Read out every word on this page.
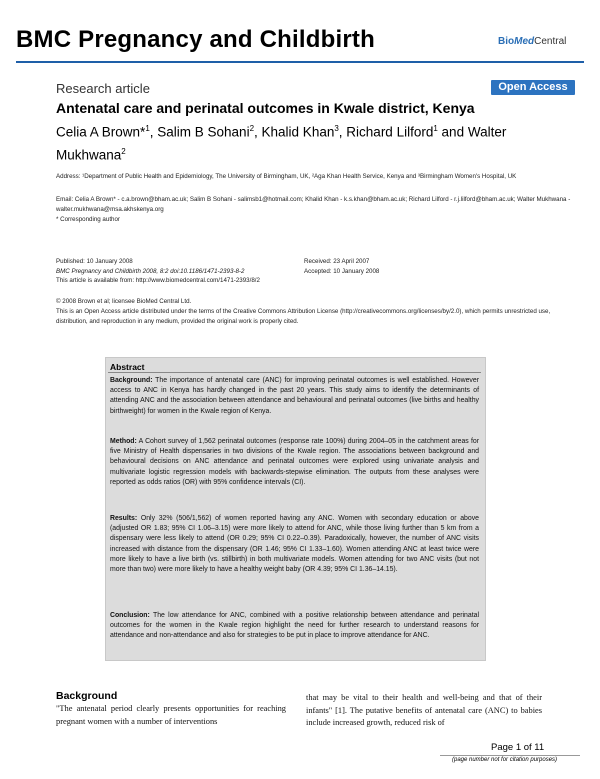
BMC Pregnancy and Childbirth	BioMedCentral
Research article	Open Access
Antenatal care and perinatal outcomes in Kwale district, Kenya
Celia A Brown*$^1$, Salim B Sohani$^2$, Khalid Khan$^3$, Richard Lilford$^1$ and Walter Mukhwana$^2$
Address: ¹Department of Public Health and Epidemiology, The University of Birmingham, UK, ²Aga Khan Health Service, Kenya and ³Birmingham Women's Hospital, UK
Email: Celia A Brown* - c.a.brown@bham.ac.uk; Salim B Sohani - salimsb1@hotmail.com; Khalid Khan - k.s.khan@bham.ac.uk; Richard Lilford - r.j.lilford@bham.ac.uk; Walter Mukhwana - walter.mukhwana@msa.akhskenya.org
* Corresponding author
Published: 10 January 2008
BMC Pregnancy and Childbirth 2008, 8:2 doi:10.1186/1471-2393-8-2
Received: 23 April 2007
Accepted: 10 January 2008
This article is available from: http://www.biomedcentral.com/1471-2393/8/2
© 2008 Brown et al; licensee BioMed Central Ltd.
This is an Open Access article distributed under the terms of the Creative Commons Attribution License (http://creativecommons.org/licenses/by/2.0), which permits unrestricted use, distribution, and reproduction in any medium, provided the original work is properly cited.
Abstract
Background: The importance of antenatal care (ANC) for improving perinatal outcomes is well established. However access to ANC in Kenya has hardly changed in the past 20 years. This study aims to identify the determinants of attending ANC and the association between attendance and behavioural and perinatal outcomes (live births and healthy birthweight) for women in the Kwale region of Kenya.
Method: A Cohort survey of 1,562 perinatal outcomes (response rate 100%) during 2004–05 in the catchment areas for five Ministry of Health dispensaries in two divisions of the Kwale region. The associations between background and behavioural decisions on ANC attendance and perinatal outcomes were explored using univariate analysis and multivariate logistic regression models with backwards-stepwise elimination. The outputs from these analyses were reported as odds ratios (OR) with 95% confidence intervals (CI).
Results: Only 32% (506/1,562) of women reported having any ANC. Women with secondary education or above (adjusted OR 1.83; 95% CI 1.06–3.15) were more likely to attend for ANC, while those living further than 5 km from a dispensary were less likely to attend (OR 0.29; 95% CI 0.22–0.39). Paradoxically, however, the number of ANC visits increased with distance from the dispensary (OR 1.46; 95% CI 1.33–1.60). Women attending ANC at least twice were more likely to have a live birth (vs. stillbirth) in both multivariate models. Women attending for two ANC visits (but not more than two) were more likely to have a healthy weight baby (OR 4.39; 95% CI 1.36–14.15).
Conclusion: The low attendance for ANC, combined with a positive relationship between attendance and perinatal outcomes for the women in the Kwale region highlight the need for further research to understand reasons for attendance and non-attendance and also for strategies to be put in place to improve attendance for ANC.
Background
"The antenatal period clearly presents opportunities for reaching pregnant women with a number of interventions
that may be vital to their health and well-being and that of their infants" [1]. The putative benefits of antenatal care (ANC) to babies include increased growth, reduced risk of
Page 1 of 11
(page number not for citation purposes)
